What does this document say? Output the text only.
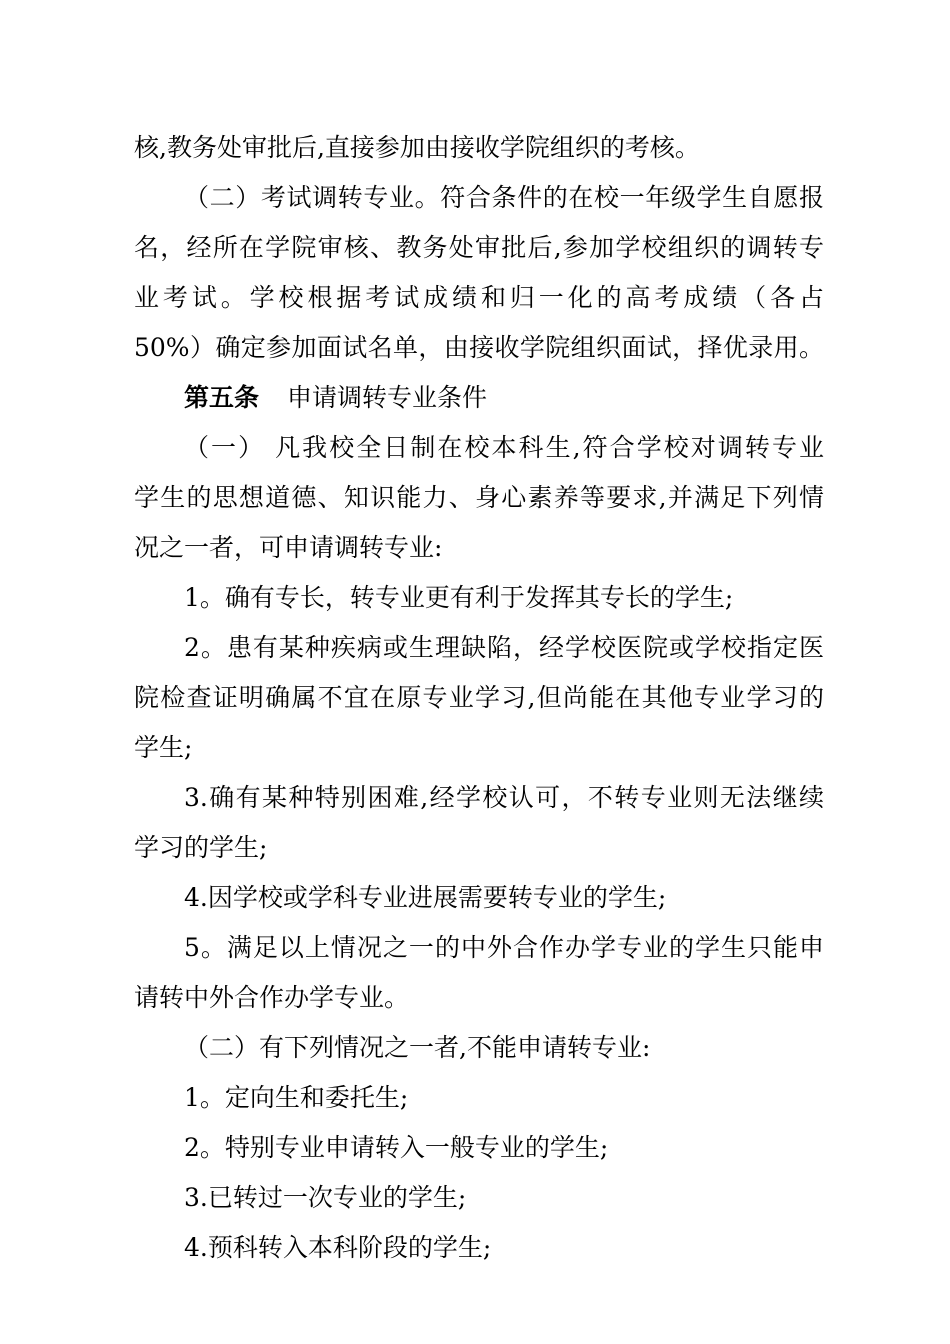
核,教务处审批后,直接参加由接收学院组织的考核。
（二）考试调转专业。符合条件的在校一年级学生自愿报
名，经所在学院审核、教务处审批后,参加学校组织的调转专
业考试。学校根据考试成绩和归一化的高考成绩（各占
50%）确定参加面试名单，由接收学院组织面试，择优录用。
第五条 申请调转专业条件
（一） 凡我校全日制在校本科生,符合学校对调转专业
学生的思想道德、知识能力、身心素养等要求,并满足下列情
况之一者，可申请调转专业:
1。确有专长，转专业更有利于发挥其专长的学生;
2。患有某种疾病或生理缺陷，经学校医院或学校指定医
院检查证明确属不宜在原专业学习,但尚能在其他专业学习的
学生;
3.确有某种特别困难,经学校认可，不转专业则无法继续
学习的学生;
4.因学校或学科专业进展需要转专业的学生;
5。满足以上情况之一的中外合作办学专业的学生只能申
请转中外合作办学专业。
（二）有下列情况之一者,不能申请转专业:
1。定向生和委托生;
2。特别专业申请转入一般专业的学生;
3.已转过一次专业的学生;
4.预科转入本科阶段的学生;
